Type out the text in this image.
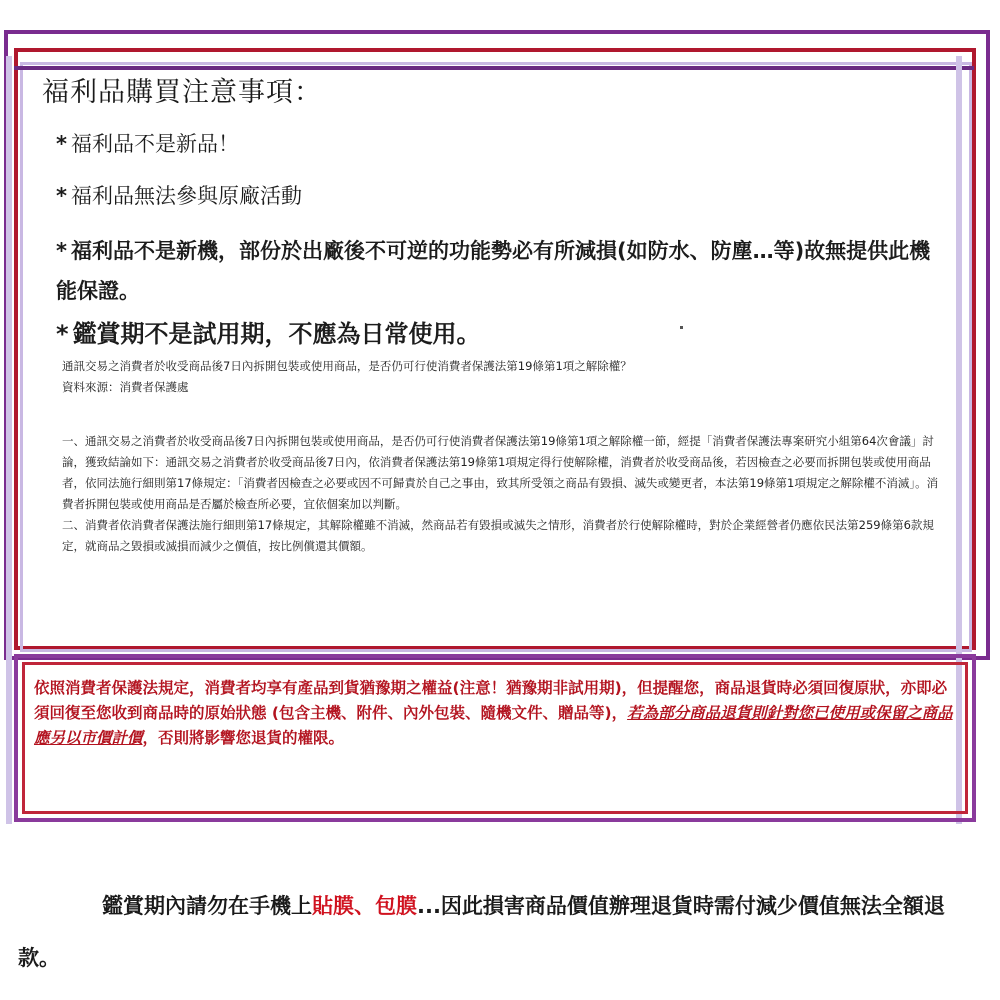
福利品購買注意事項：
* 福利品不是新品！
* 福利品無法參與原廠活動
* 福利品不是新機，部份於出廠後不可逆的功能勢必有所減損(如防水、防塵…等)故無提供此機能保證。
* 鑑賞期不是試用期，不應為日常使用。
通訊交易之消費者於收受商品後7日內拆開包裝或使用商品，是否仍可行使消費者保護法第19條第1項之解除權？
資料來源：消費者保護處

一、通訊交易之消費者於收受商品後7日內拆開包裝或使用商品，是否仍可行使消費者保護法第19條第1項之解除權一節，經提「消費者保護法專案研究小組第64次會議」討論，獲致結論如下：通訊交易之消費者於收受商品後7日內，依消費者保護法第19條第1項規定得行使解除權，消費者於收受商品後，若因檢查之必要而拆開包裝或使用商品者，依同法施行細則第17條規定：「消費者因檢查之必要或因不可歸責於自己之事由，致其所受領之商品有毀損、滅失或變更者，本法第19條第1項規定之解除權不消滅」。消費者拆開包裝或使用商品是否屬於檢查所必要，宜依個案加以判斷。

二、消費者依消費者保護法施行細則第17條規定，其解除權雖不消滅，然商品若有毀損或滅失之情形，消費者於行使解除權時，對於企業經營者仍應依民法第259條第6款規定，就商品之毀損或滅損而減少之價值，按比例償還其價額。

依照消費者保護法規定，消費者均享有產品到貨猶豫期之權益(注意！猶豫期非試用期)，但提醒您，商品退貨時必須回復原狀，亦即必須回復至您收到商品時的原始狀態 (包含主機、附件、內外包裝、隨機文件、贈品等)，若為部分商品退貨則針對您已使用或保留之商品應另以市價計價，否則將影響您退貨的權限。
鑑賞期內請勿在手機上貼膜、包膜...因此損害商品價值辦理退貨時需付減少價值無法全額退款。
